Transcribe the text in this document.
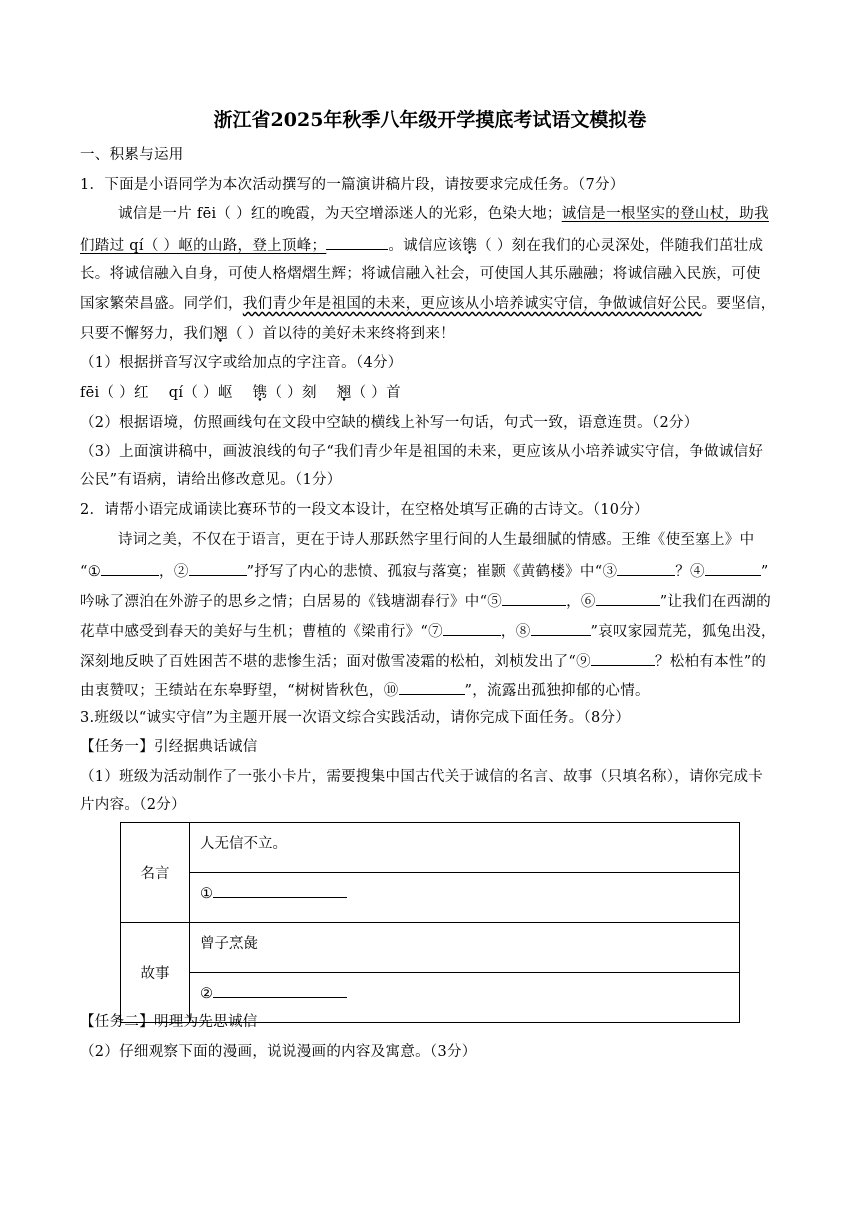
浙江省2025年秋季八年级开学摸底考试语文模拟卷
一、积累与运用
1．下面是小语同学为本次活动撰写的一篇演讲稿片段，请按要求完成任务。（7分）
诚信是一片 fēi（ ）红的晚霞，为天空增添迷人的光彩，色染大地；诚信是一根坚实的登山杖，助我
们踏过 qí（ ）岖的山路，登上顶峰；	。诚信应该镌（ ）刻在我们的心灵深处，伴随我们茁壮成
长。将诚信融入自身，可使人格熠熠生辉；将诚信融入社会，可使国人其乐融融；将诚信融入民族，可使
国家繁荣昌盛。同学们，我们青少年是祖国的未来，更应该从小培养诚实守信，争做诚信好公民。要坚信，
只要不懈努力，我们翘（ ）首以待的美好未来终将到来！
（1）根据拼音写汉字或给加点的字注音。（4分）
fēi（ ）红 qí（ ）岖 镌（ ）刻 翘（ ）首
（2）根据语境，仿照画线句在文段中空缺的横线上补写一句话，句式一致，语意连贯。（2分）
（3）上面演讲稿中，画波浪线的句子“我们青少年是祖国的未来，更应该从小培养诚实守信，争做诚信好
公民”有语病，请给出修改意见。（1分）
2．请帮小语完成诵读比赛环节的一段文本设计，在空格处填写正确的古诗文。（10分）
诗词之美，不仅在于语言，更在于诗人那跃然字里行间的人生最细腻的情感。王维《使至塞上》中
“①	，②	”抒写了内心的悲愤、孤寂与落寞；崔颢《黄鹤楼》中“③	？④	”
吟咏了漂泊在外游子的思乡之情；白居易的《钱塘湖春行》中“⑤	，⑥	”让我们在西湖的
花草中感受到春天的美好与生机；曹植的《梁甫行》“⑦	，⑧	”哀叹家园荒芜，狐兔出没，
深刻地反映了百姓困苦不堪的悲惨生活；面对傲雪凌霜的松柏，刘桢发出了“⑨	？松柏有本性”的
由衷赞叹；王绩站在东皋野望，“树树皆秋色，⑩	”，流露出孤独抑郁的心情。
3.班级以“诚实守信”为主题开展一次语文综合实践活动，请你完成下面任务。（8分）
【任务一】引经据典话诚信
（1）班级为活动制作了一张小卡片，需要搜集中国古代关于诚信的名言、故事（只填名称），请你完成卡
片内容。（2分）
名言	人无信不立。
	①
故事	曾子烹彘
	②
【任务二】明理为先思诚信
（2）仔细观察下面的漫画，说说漫画的内容及寓意。（3分）
